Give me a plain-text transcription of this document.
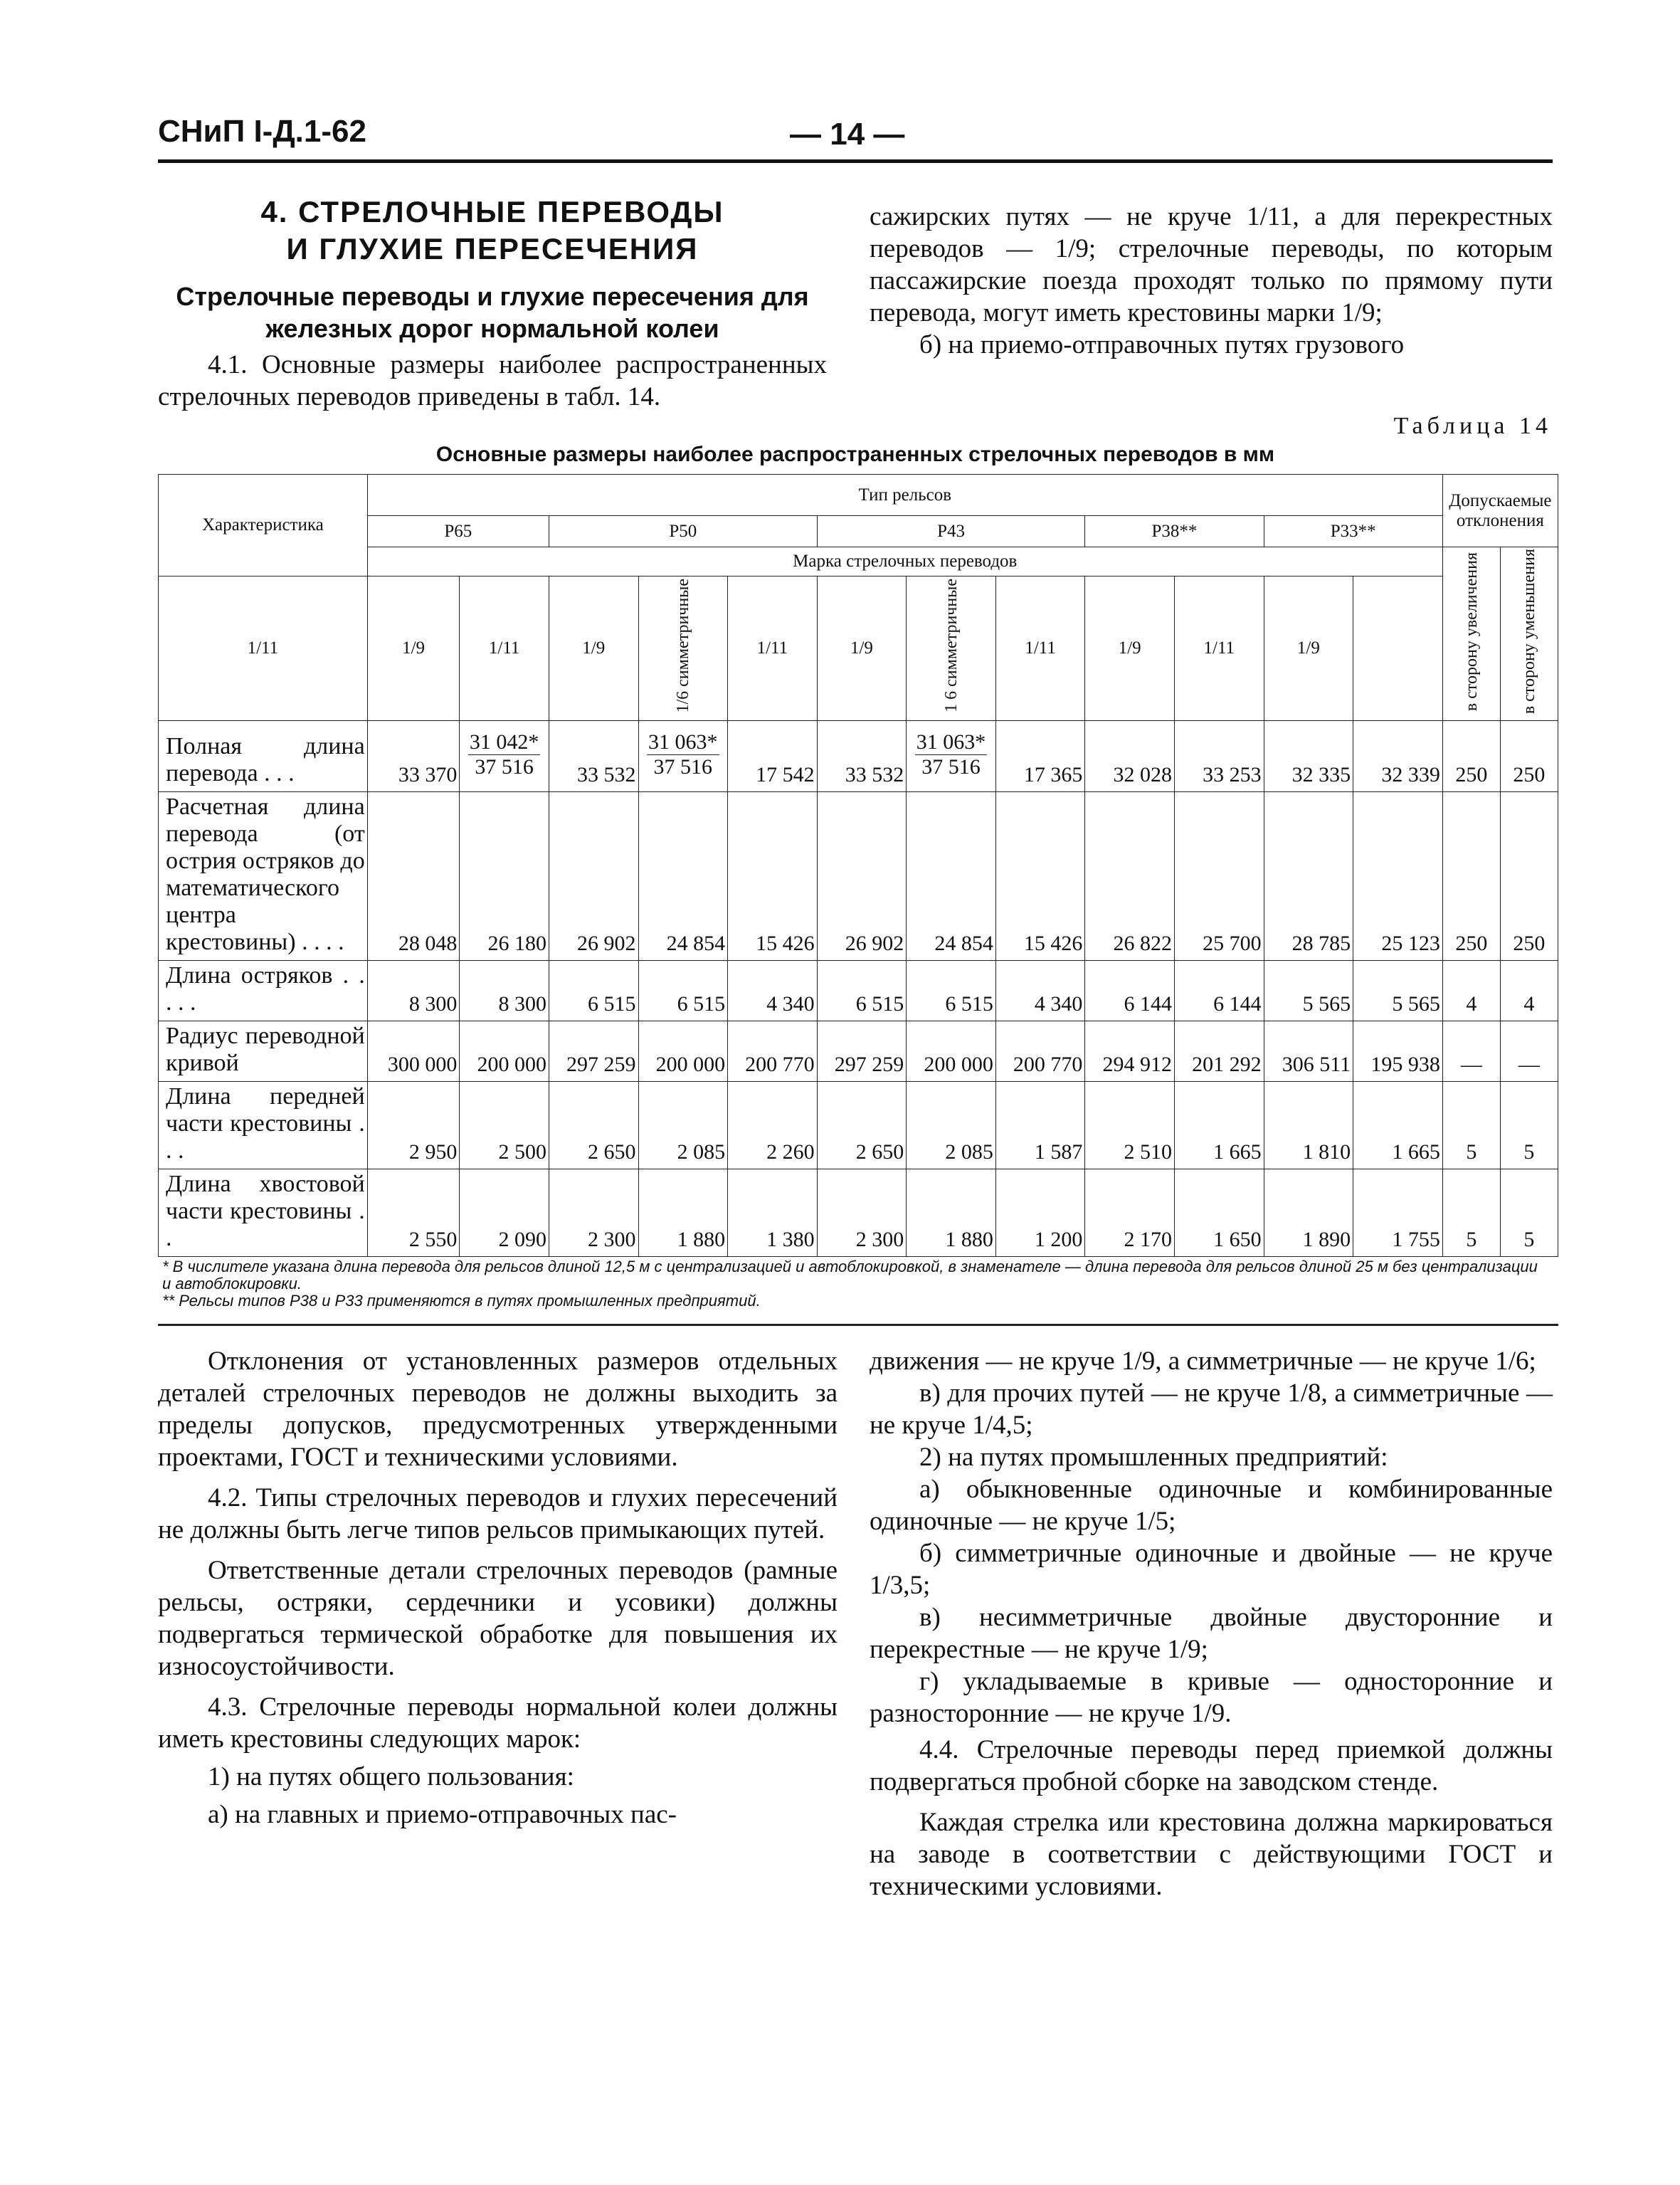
СНиП I-Д.1-62	— 14 —
4. СТРЕЛОЧНЫЕ ПЕРЕВОДЫ
И ГЛУХИЕ ПЕРЕСЕЧЕНИЯ
Стрелочные переводы и глухие пересечения для железных дорог нормальной колеи

4.1. Основные размеры наиболее распространенных стрелочных переводов приведены в табл. 14.

сажирских путях — не круче 1/11, а для перекрестных переводов — 1/9; стрелочные переводы, по которым пассажирские поезда проходят только по прямому пути перевода, могут иметь крестовины марки 1/9;

б) на приемо-отправочных путях грузового

Таблица 14
Основные размеры наиболее распространенных стрелочных переводов в мм
Характеристика	Тип рельсов												Допускаемые отклонения	
	Р65		Р50			Р43			Р38**		Р33**			
	Марка стрелочных переводов												в сторону увеличения	в сторону уменьшения
1/11	1/9	1/11	1/9	1/6 симметричные	1/11	1/9	1 6 симметричные	1/11	1/9	1/11	1/9			
Полная длина перевода . . .	33 370	$\frac{31 042*}{37 516}$	33 532	$\frac{31 063*}{37 516}$	17 542	33 532	$\frac{31 063*}{37 516}$	17 365	32 028	33 253	32 335	32 339	250	250
Расчетная длина перевода (от острия остряков до математического центра крестовины) . . . .	28 048	26 180	26 902	24 854	15 426	26 902	24 854	15 426	26 822	25 700	28 785	25 123	250	250
Длина остряков . . . . .	8 300	8 300	6 515	6 515	4 340	6 515	6 515	4 340	6 144	6 144	5 565	5 565	4	4
Радиус переводной кривой	300 000	200 000	297 259	200 000	200 770	297 259	200 000	200 770	294 912	201 292	306 511	195 938	—	—
Длина передней части крестовины . . .	2 950	2 500	2 650	2 085	2 260	2 650	2 085	1 587	2 510	1 665	1 810	1 665	5	5
Длина хвостовой части крестовины . .	2 550	2 090	2 300	1 880	1 380	2 300	1 880	1 200	2 170	1 650	1 890	1 755	5	5

* В числителе указана длина перевода для рельсов длиной 12,5 м с централизацией и автоблокировкой, в знаменателе — длина перевода для рельсов длиной 25 м без централизации и автоблокировки.

** Рельсы типов Р38 и Р33 применяются в путях промышленных предприятий.

Отклонения от установленных размеров отдельных деталей стрелочных переводов не должны выходить за пределы допусков, предусмотренных утвержденными проектами, ГОСТ и техническими условиями.

4.2. Типы стрелочных переводов и глухих пересечений не должны быть легче типов рельсов примыкающих путей.

Ответственные детали стрелочных переводов (рамные рельсы, остряки, сердечники и усовики) должны подвергаться термической обработке для повышения их износоустойчивости.

4.3. Стрелочные переводы нормальной колеи должны иметь крестовины следующих марок:

1) на путях общего пользования:

а) на главных и приемо-отправочных пас-

движения — не круче 1/9, а симметричные — не круче 1/6;

в) для прочих путей — не круче 1/8, а симметричные — не круче 1/4,5;

2) на путях промышленных предприятий:

а) обыкновенные одиночные и комбинированные одиночные — не круче 1/5;

б) симметричные одиночные и двойные — не круче 1/3,5;

в) несимметричные двойные двусторонние и перекрестные — не круче 1/9;

г) укладываемые в кривые — односторонние и разносторонние — не круче 1/9.

4.4. Стрелочные переводы перед приемкой должны подвергаться пробной сборке на заводском стенде.

Каждая стрелка или крестовина должна маркироваться на заводе в соответствии с действующими ГОСТ и техническими условиями.
